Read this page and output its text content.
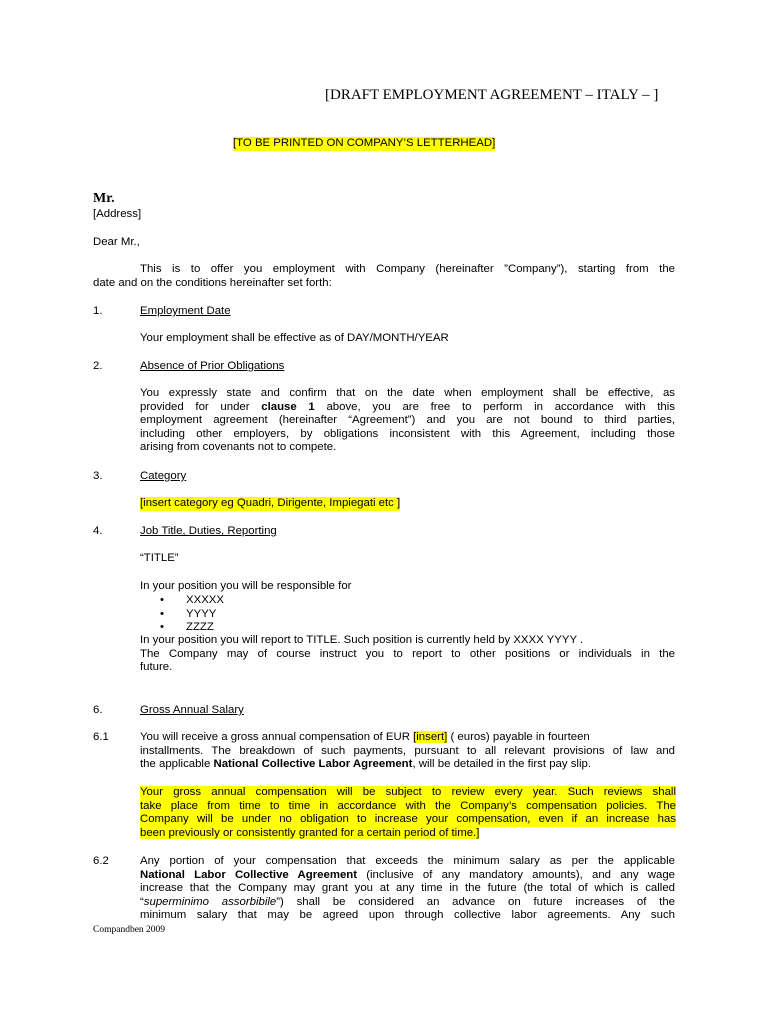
[DRAFT EMPLOYMENT AGREEMENT – ITALY – ]
[TO BE PRINTED ON COMPANY’S LETTERHEAD]
Mr.
[Address]
Dear Mr.,
This is to offer you employment with Company (hereinafter ”Company”), starting from the
date and on the conditions hereinafter set forth:
1.	Employment Date
Your employment shall be effective as of DAY/MONTH/YEAR
2.	Absence of Prior Obligations
You expressly state and confirm that on the date when employment shall be effective, as
provided for under clause 1 above, you are free to perform in accordance with this
employment agreement (hereinafter “Agreement”) and you are not bound to third parties,
including other employers, by obligations inconsistent with this Agreement, including those
arising from covenants not to compete.
3.	Category
[insert category eg Quadri, Dirigente, Impiegati etc ]
4.	Job Title, Duties, Reporting
“TITLE”
In your position you will be responsible for
• XXXXX
• YYYY
• ZZZZ
In your position you will report to TITLE. Such position is currently held by XXXX YYYY .
The Company may of course instruct you to report to other positions or individuals in the
future.
6.	Gross Annual Salary
6.1	You will receive a gross annual compensation of EUR [insert] ( euros) payable in fourteen
installments. The breakdown of such payments, pursuant to all relevant provisions of law and
the applicable National Collective Labor Agreement, will be detailed in the first pay slip.
Your gross annual compensation will be subject to review every year. Such reviews shall
take place from time to time in accordance with the Company’s compensation policies. The
Company will be under no obligation to increase your compensation, even if an increase has
been previously or consistently granted for a certain period of time.]
6.2	Any portion of your compensation that exceeds the minimum salary as per the applicable
National Labor Collective Agreement (inclusive of any mandatory amounts), and any wage
increase that the Company may grant you at any time in the future (the total of which is called
“superminimo assorbibile”) shall be considered an advance on future increases of the
minimum salary that may be agreed upon through collective labor agreements. Any such
Compandben 2009
